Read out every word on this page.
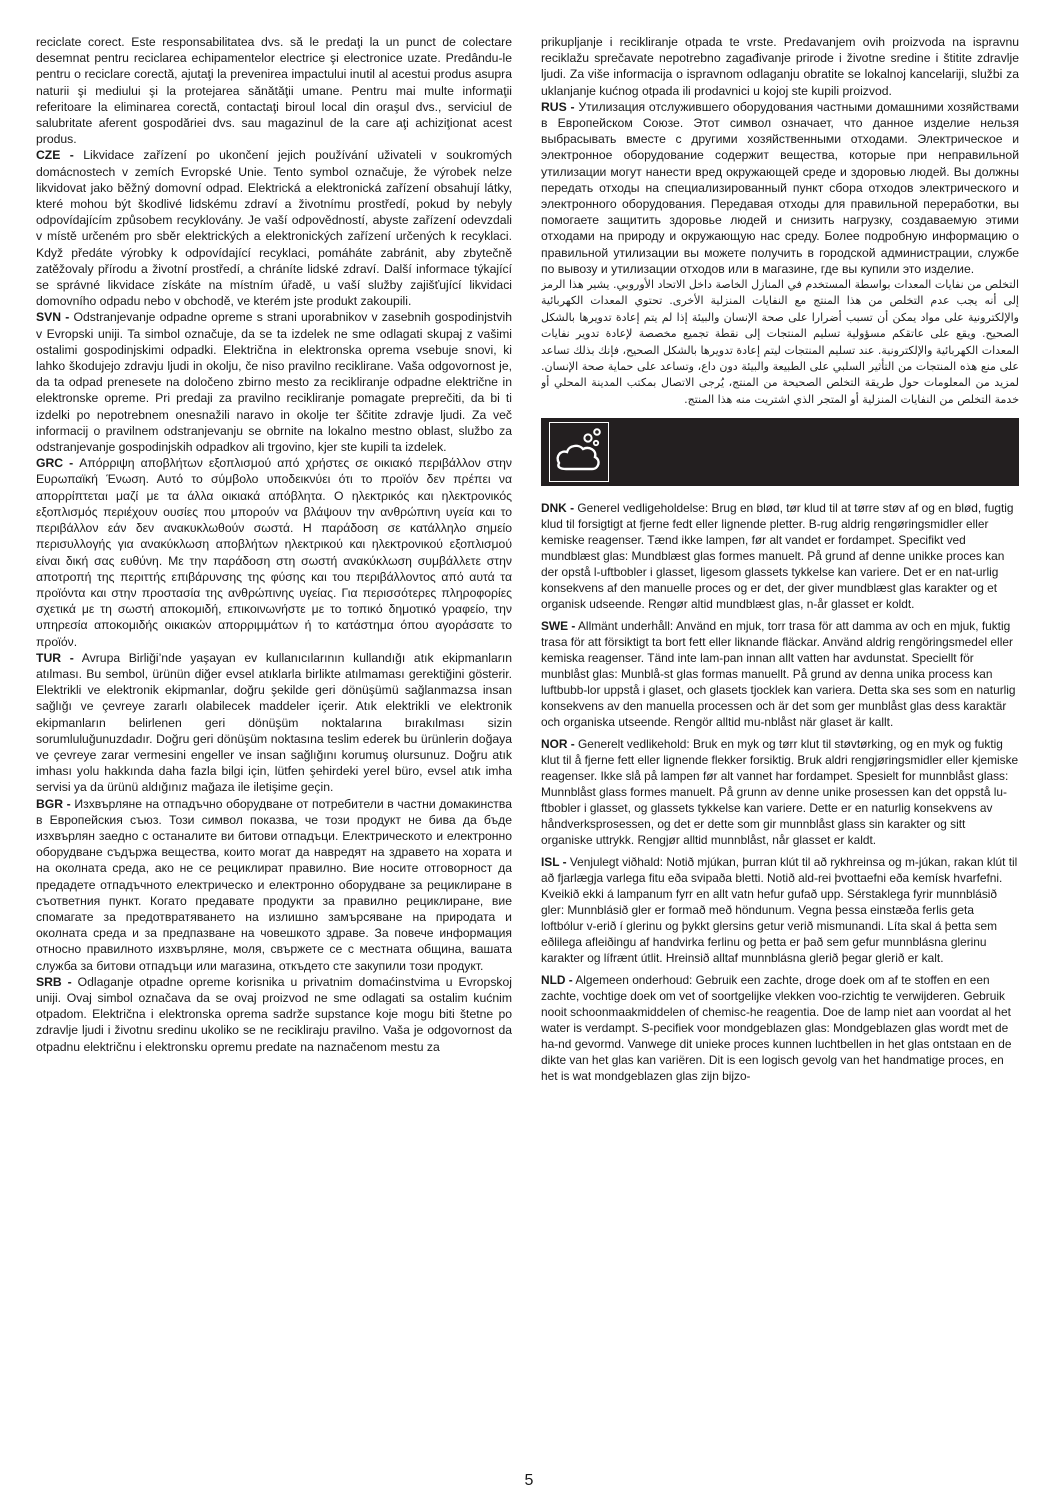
reciclate corect. Este responsabilitatea dvs. să le predaţi la un punct de colectare desemnat pentru reciclarea echipamentelor electrice şi electronice uzate. Predându-le pentru o reciclare corectă, ajutaţi la prevenirea impactului inutil al acestui produs asupra naturii şi mediului şi la protejarea sănătăţii umane. Pentru mai multe informaţii referitoare la eliminarea corectă, contactaţi biroul local din oraşul dvs., serviciul de salubritate aferent gospodăriei dvs. sau magazinul de la care aţi achiziţionat acest produs.

CZE - Likvidace zařízení po ukončení jejich používání uživateli v soukromých domácnostech v zemích Evropské Unie. Tento symbol označuje, že výrobek nelze likvidovat jako běžný domovní odpad. Elektrická a elektronická zařízení obsahují látky, které mohou být škodlivé lidskému zdraví a životnímu prostředí, pokud by nebyly odpovídajícím způsobem recyklovány. Je vaší odpovědností, abyste zařízení odevzdali v místě určeném pro sběr elektrických a elektronických zařízení určených k recyklaci. Když předáte výrobky k odpovídající recyklaci, pomáháte zabránit, aby zbytečně zatěžovaly přírodu a životní prostředí, a chráníte lidské zdraví. Další informace týkající se správné likvidace získáte na místním úřadě, u vaší služby zajišťující likvidaci domovního odpadu nebo v obchodě, ve kterém jste produkt zakoupili.

SVN - Odstranjevanje odpadne opreme s strani uporabnikov v zasebnih gospodinjstvih v Evropski uniji. Ta simbol označuje, da se ta izdelek ne sme odlagati skupaj z vašimi ostalimi gospodinjskimi odpadki. Električna in elektronska oprema vsebuje snovi, ki lahko škodujejo zdravju ljudi in okolju, če niso pravilno reciklirane. Vaša odgovornost je, da ta odpad prenesete na določeno zbirno mesto za recikliranje odpadne električne in elektronske opreme. Pri predaji za pravilno recikliranje pomagate preprečiti, da bi ti izdelki po nepotrebnem onesnažili naravo in okolje ter ščitite zdravje ljudi. Za več informacij o pravilnem odstranjevanju se obrnite na lokalno mestno oblast, službo za odstranjevanje gospodinjskih odpadkov ali trgovino, kjer ste kupili ta izdelek.

GRC - Απόρριψη αποβλήτων εξοπλισμού από χρήστες σε οικιακό περιβάλλον στην Ευρωπαϊκή Ένωση. Αυτό το σύμβολο υποδεικνύει ότι το προϊόν δεν πρέπει να απορρίπτεται μαζί με τα άλλα οικιακά απόβλητα. Ο ηλεκτρικός και ηλεκτρονικός εξοπλισμός περιέχουν ουσίες που μπορούν να βλάψουν την ανθρώπινη υγεία και το περιβάλλον εάν δεν ανακυκλωθούν σωστά. Η παράδοση σε κατάλληλο σημείο περισυλλογής για ανακύκλωση αποβλήτων ηλεκτρικού και ηλεκτρονικού εξοπλισμού είναι δική σας ευθύνη. Με την παράδοση στη σωστή ανακύκλωση συμβάλλετε στην αποτροπή της περιττής επιβάρυνσης της φύσης και του περιβάλλοντος από αυτά τα προϊόντα και στην προστασία της ανθρώπινης υγείας. Για περισσότερες πληροφορίες σχετικά με τη σωστή αποκομιδή, επικοινωνήστε με το τοπικό δημοτικό γραφείο, την υπηρεσία αποκομιδής οικιακών απορριμμάτων ή το κατάστημα όπου αγοράσατε το προϊόν.

TUR - Avrupa Birliği’nde yaşayan ev kullanıcılarının kullandığı atık ekipmanların atılması. Bu sembol, ürünün diğer evsel atıklarla birlikte atılmaması gerektiğini gösterir. Elektrikli ve elektronik ekipmanlar, doğru şekilde geri dönüşümü sağlanmazsa insan sağlığı ve çevreye zararlı olabilecek maddeler içerir. Atık elektrikli ve elektronik ekipmanların belirlenen geri dönüşüm noktalarına bırakılması sizin sorumluluğunuzdadır. Doğru geri dönüşüm noktasına teslim ederek bu ürünlerin doğaya ve çevreye zarar vermesini engeller ve insan sağlığını korumuş olursunuz. Doğru atık imhası yolu hakkında daha fazla bilgi için, lütfen şehirdeki yerel büro, evsel atık imha servisi ya da ürünü aldığınız mağaza ile iletişime geçin.

BGR - Изхвърляне на отпадъчно оборудване от потребители в частни домакинства в Европейския съюз. Този символ показва, че този продукт не бива да бъде изхвърлян заедно с останалите ви битови отпадъци. Електрическото и електронно оборудване съдържа вещества, които могат да навредят на здравето на хората и на околната среда, ако не се рециклират правилно. Вие носите отговорност да предадете отпадъчното електрическо и електронно оборудване за рециклиране в съответния пункт. Когато предавате продукти за правилно рециклиране, вие спомагате за предотвратяването на излишно замърсяване на природата и околната среда и за предпазване на човешкото здраве. За повече информация относно правилното изхвърляне, моля, свържете се с местната община, вашата служба за битови отпадъци или магазина, откъдето сте закупили този продукт.

SRB - Odlaganje otpadne opreme korisnika u privatnim domaćinstvima u Evropskoj uniji. Ovaj simbol označava da se ovaj proizvod ne sme odlagati sa ostalim kućnim otpadom. Električna i elektronska oprema sadrže supstance koje mogu biti štetne po zdravlje ljudi i životnu sredinu ukoliko se ne recikliraju pravilno. Vaša je odgovornost da otpadnu električnu i elektronsku opremu predate na naznačenom mestu za

prikupljanje i recikliranje otpada te vrste. Predavanjem ovih proizvoda na ispravnu reciklažu sprečavate nepotrebno zagađivanje prirode i životne sredine i štitite zdravlje ljudi. Za više informacija o ispravnom odlaganju obratite se lokalnoj kancelariji, službi za uklanjanje kućnog otpada ili prodavnici u kojoj ste kupili proizvod.

RUS - Утилизация отслужившего оборудования частными домашними хозяйствами в Европейском Союзе. Этот символ означает, что данное изделие нельзя выбрасывать вместе с другими хозяйственными отходами. Электрическое и электронное оборудование содержит вещества, которые при неправильной утилизации могут нанести вред окружающей среде и здоровью людей. Вы должны передать отходы на специализированный пункт сбора отходов электрического и электронного оборудования. Передавая отходы для правильной переработки, вы помогаете защитить здоровье людей и снизить нагрузку, создаваемую этими отходами на природу и окружающую нас среду. Более подробную информацию о правильной утилизации вы можете получить в городской администрации, службе по вывозу и утилизации отходов или в магазине, где вы купили это изделие.

التخلص من نفايات المعدات بواسطة المستخدم في المنازل الخاصة داخل الاتحاد الأوروبي. يشير هذا الرمز إلى أنه يجب عدم التخلص من هذا المنتج مع النفايات المنزلية الأخرى. تحتوي المعدات الكهربائية والإلكترونية على مواد يمكن أن تسبب أضرارا على صحة الإنسان والبيئة إذا لم يتم إعادة تدويرها بالشكل الصحيح. ويقع على عاتقكم مسؤولية تسليم المنتجات إلى نقطة تجميع مخصصة لإعادة تدوير نفايات المعدات الكهربائية والإلكترونية. عند تسليم المنتجات ليتم إعادة تدويرها بالشكل الصحيح، فإنك بذلك تساعد على منع هذه المنتجات من التأثير السلبي على الطبيعة والبيئة دون داع، وتساعد على حماية صحة الإنسان. لمزيد من المعلومات حول طريقة التخلص الصحيحة من المنتج، يُرجى الاتصال بمكتب المدينة المحلي أو خدمة التخلص من النفايات المنزلية أو المتجر الذي اشتريت منه هذا المنتج.

DNK - Generel vedligeholdelse: Brug en blød, tør klud til at tørre støv af og en blød, fugtig klud til forsigtigt at fjerne fedt eller lignende pletter. B-rug aldrig rengøringsmidler eller kemiske reagenser. Tænd ikke lampen, før alt vandet er fordampet. Specifikt ved mundblæst glas: Mundblæst glas formes manuelt. På grund af denne unikke proces kan der opstå l-uftbobler i glasset, ligesom glassets tykkelse kan variere. Det er en nat-urlig konsekvens af den manuelle proces og er det, der giver mundblæst glas karakter og et organisk udseende. Rengør altid mundblæst glas, n-år glasset er koldt.

SWE - Allmänt underhåll: Använd en mjuk, torr trasa för att damma av och en mjuk, fuktig trasa för att försiktigt ta bort fett eller liknande fläckar. Använd aldrig rengöringsmedel eller kemiska reagenser. Tänd inte lam-pan innan allt vatten har avdunstat. Speciellt för munblåst glas: Munblå-st glas formas manuellt. På grund av denna unika process kan luftbubb-lor uppstå i glaset, och glasets tjocklek kan variera. Detta ska ses som en naturlig konsekvens av den manuella processen och är det som ger munblåst glas dess karaktär och organiska utseende. Rengör alltid mu-nblåst när glaset är kallt.

NOR - Generelt vedlikehold: Bruk en myk og tørr klut til støvtørking, og en myk og fuktig klut til å fjerne fett eller lignende flekker forsiktig. Bruk aldri rengjøringsmidler eller kjemiske reagenser. Ikke slå på lampen før alt vannet har fordampet. Spesielt for munnblåst glass: Munnblåst glass formes manuelt. På grunn av denne unike prosessen kan det oppstå lu-ftbobler i glasset, og glassets tykkelse kan variere. Dette er en naturlig konsekvens av håndverksprosessen, og det er dette som gir munnblåst glass sin karakter og sitt organiske uttrykk. Rengjør alltid munnblåst, når glasset er kaldt.

ISL - Venjulegt viðhald: Notið mjúkan, þurran klút til að rykhreinsa og m-júkan, rakan klút til að fjarlægja varlega fitu eða svipaða bletti. Notið ald-rei þvottaefni eða kemísk hvarfefni. Kveikið ekki á lampanum fyrr en allt vatn hefur gufað upp. Sérstaklega fyrir munnblásið gler: Munnblásið gler er formað með höndunum. Vegna þessa einstæða ferlis geta loftbólur v-erið í glerinu og þykkt glersins getur verið mismunandi. Líta skal á þetta sem eðlilega afleiðingu af handvirka ferlinu og þetta er það sem gefur munnblásna glerinu karakter og lífrænt útlit. Hreinsið alltaf munnblásna glerið þegar glerið er kalt.

NLD - Algemeen onderhoud: Gebruik een zachte, droge doek om af te stoffen en een zachte, vochtige doek om vet of soortgelijke vlekken voo-rzichtig te verwijderen. Gebruik nooit schoonmaakmiddelen of chemisc-he reagentia. Doe de lamp niet aan voordat al het water is verdampt. S-pecifiek voor mondgeblazen glas: Mondgeblazen glas wordt met de ha-nd gevormd. Vanwege dit unieke proces kunnen luchtbellen in het glas ontstaan en de dikte van het glas kan variëren. Dit is een logisch gevolg van het handmatige proces, en het is wat mondgeblazen glas zijn bijzo-

5
